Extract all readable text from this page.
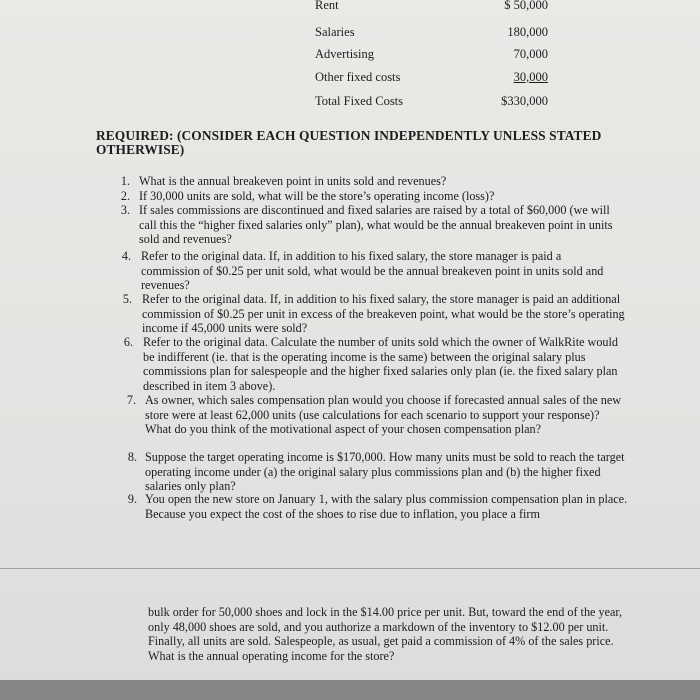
Rent	$ 50,000
Salaries	180,000
Advertising	70,000
Other fixed costs	30,000
Total Fixed Costs	$330,000
REQUIRED: (CONSIDER EACH QUESTION INDEPENDENTLY UNLESS STATED OTHERWISE)
1. What is the annual breakeven point in units sold and revenues?
2. If 30,000 units are sold, what will be the store’s operating income (loss)?
3. If sales commissions are discontinued and fixed salaries are raised by a total of $60,000 (we will call this the “higher fixed salaries only” plan), what would be the annual breakeven point in units sold and revenues?
4. Refer to the original data. If, in addition to his fixed salary, the store manager is paid a commission of $0.25 per unit sold, what would be the annual breakeven point in units sold and revenues?
5. Refer to the original data. If, in addition to his fixed salary, the store manager is paid an additional commission of $0.25 per unit in excess of the breakeven point, what would be the store’s operating income if 45,000 units were sold?
6. Refer to the original data. Calculate the number of units sold which the owner of WalkRite would be indifferent (ie. that is the operating income is the same) between the original salary plus commissions plan for salespeople and the higher fixed salaries only plan (ie. the fixed salary plan described in item 3 above).
7. As owner, which sales compensation plan would you choose if forecasted annual sales of the new store were at least 62,000 units (use calculations for each scenario to support your response)? What do you think of the motivational aspect of your chosen compensation plan?
8. Suppose the target operating income is $170,000. How many units must be sold to reach the target operating income under (a) the original salary plus commissions plan and (b) the higher fixed salaries only plan?
9. You open the new store on January 1, with the salary plus commission compensation plan in place. Because you expect the cost of the shoes to rise due to inflation, you place a firm
bulk order for 50,000 shoes and lock in the $14.00 price per unit. But, toward the end of the year, only 48,000 shoes are sold, and you authorize a markdown of the inventory to $12.00 per unit. Finally, all units are sold. Salespeople, as usual, get paid a commission of 4% of the sales price. What is the annual operating income for the store?
